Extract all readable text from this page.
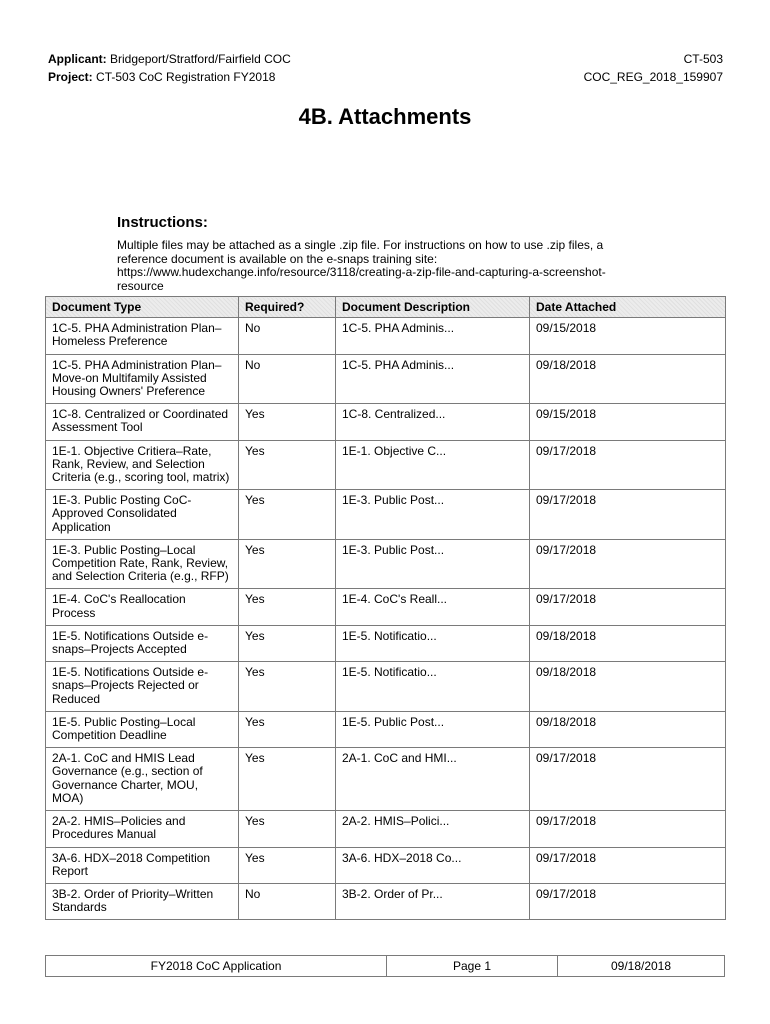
Applicant: Bridgeport/Stratford/Fairfield COC
Project: CT-503 CoC Registration FY2018
CT-503
COC_REG_2018_159907
4B. Attachments
Instructions:
Multiple files may be attached as a single .zip file. For instructions on how to use .zip files, a reference document is available on the e-snaps training site: https://www.hudexchange.info/resource/3118/creating-a-zip-file-and-capturing-a-screenshot-resource
Document Type	Required?	Document Description	Date Attached
1C-5. PHA Administration Plan–Homeless Preference	No	1C-5. PHA Adminis...	09/15/2018
1C-5. PHA Administration Plan–Move-on Multifamily Assisted Housing Owners' Preference	No	1C-5. PHA Adminis...	09/18/2018
1C-8. Centralized or Coordinated Assessment Tool	Yes	1C-8. Centralized...	09/15/2018
1E-1. Objective Critiera–Rate, Rank, Review, and Selection Criteria (e.g., scoring tool, matrix)	Yes	1E-1. Objective C...	09/17/2018
1E-3. Public Posting CoC-Approved Consolidated Application	Yes	1E-3. Public Post...	09/17/2018
1E-3. Public Posting–Local Competition Rate, Rank, Review, and Selection Criteria (e.g., RFP)	Yes	1E-3. Public Post...	09/17/2018
1E-4. CoC's Reallocation Process	Yes	1E-4. CoC's Reall...	09/17/2018
1E-5. Notifications Outside e-snaps–Projects Accepted	Yes	1E-5. Notificatio...	09/18/2018
1E-5. Notifications Outside e-snaps–Projects Rejected or Reduced	Yes	1E-5. Notificatio...	09/18/2018
1E-5. Public Posting–Local Competition Deadline	Yes	1E-5. Public Post...	09/18/2018
2A-1. CoC and HMIS Lead Governance (e.g., section of Governance Charter, MOU, MOA)	Yes	2A-1. CoC and HMI...	09/17/2018
2A-2. HMIS–Policies and Procedures Manual	Yes	2A-2. HMIS–Polici...	09/17/2018
3A-6. HDX–2018 Competition Report	Yes	3A-6. HDX–2018 Co...	09/17/2018
3B-2. Order of Priority–Written Standards	No	3B-2. Order of Pr...	09/17/2018
FY2018 CoC Application	Page 1	09/18/2018
